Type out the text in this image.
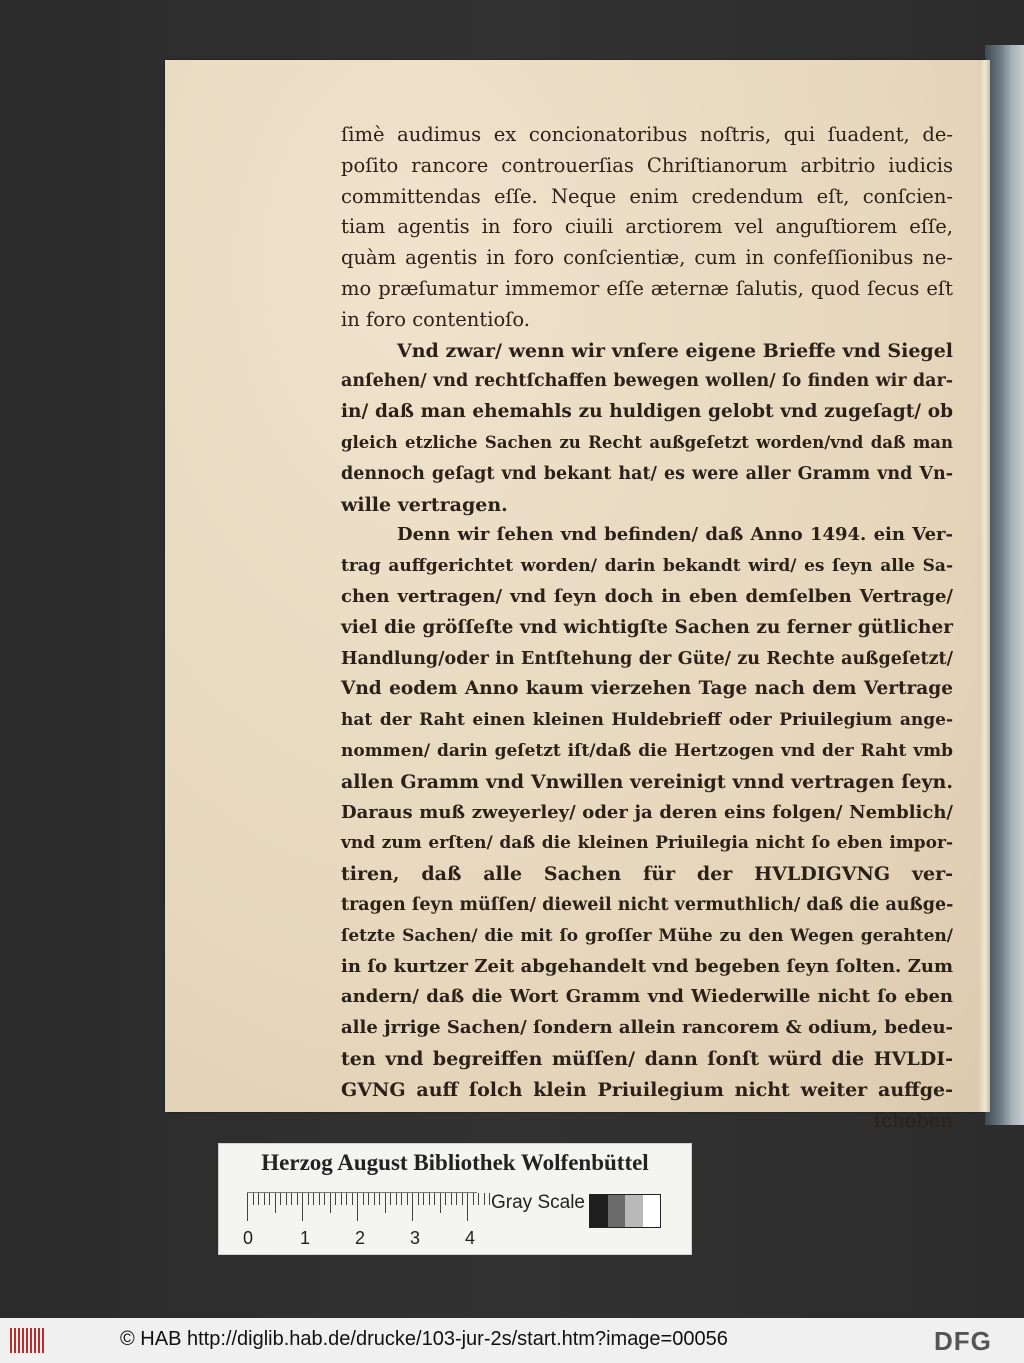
ſimè audimus ex concionatoribus noſtris, qui ſuadent, de-
poſito rancore controuerſias Chriſtianorum arbitrio iudicis
committendas eſſe. Neque enim credendum eſt, conſcien-
tiam agentis in foro ciuili arctiorem vel anguſtiorem eſſe,
quàm agentis in foro conſcientiæ, cum in confeſſionibus ne-
mo præſumatur immemor eſſe æternæ ſalutis, quod ſecus eſt
in foro contentioſo.
Vnd zwar/ wenn wir vnſere eigene Brieffe vnd Siegel
anſehen/ vnd rechtſchaffen bewegen wollen/ ſo finden wir dar-
in/ daß man ehemahls zu huldigen gelobt vnd zugeſagt/ ob
gleich etzliche Sachen zu Recht außgeſetzt worden/vnd daß man
dennoch geſagt vnd bekant hat/ es were aller Gramm vnd Vn-
wille vertragen.
Denn wir ſehen vnd befinden/ daß Anno 1494. ein Ver-
trag auffgerichtet worden/ darin bekandt wird/ es ſeyn alle Sa-
chen vertragen/ vnd ſeyn doch in eben demſelben Vertrage/
viel die gröſſeſte vnd wichtigſte Sachen zu ferner gütlicher
Handlung/oder in Entſtehung der Güte/ zu Rechte außgeſetzt/
Vnd eodem Anno kaum vierzehen Tage nach dem Vertrage
hat der Raht einen kleinen Huldebrieff oder Priuilegium ange-
nommen/ darin geſetzt iſt/daß die Hertzogen vnd der Raht vmb
allen Gramm vnd Vnwillen vereinigt vnnd vertragen ſeyn.
Daraus muß zweyerley/ oder ja deren eins folgen/ Nemblich/
vnd zum erſten/ daß die kleinen Priuilegia nicht ſo eben impor-
tiren, daß alle Sachen für der HVLDIGVNG ver-
tragen ſeyn müſſen/ dieweil nicht vermuthlich/ daß die außge-
ſetzte Sachen/ die mit ſo groſſer Mühe zu den Wegen gerahten/
in ſo kurtzer Zeit abgehandelt vnd begeben ſeyn ſolten. Zum
andern/ daß die Wort Gramm vnd Wiederwille nicht ſo eben
alle jrrige Sachen/ ſondern allein rancorem & odium, bedeu-
ten vnd begreiffen müſſen/ dann ſonſt würd die HVLDI-
GVNG auff ſolch klein Priuilegium nicht weiter auffge-
ſchoben
Herzog August Bibliothek Wolfenbüttel
0	1 2 3 4
Gray Scale
© HAB http://diglib.hab.de/drucke/103-jur-2s/start.htm?image=00056	DFG
